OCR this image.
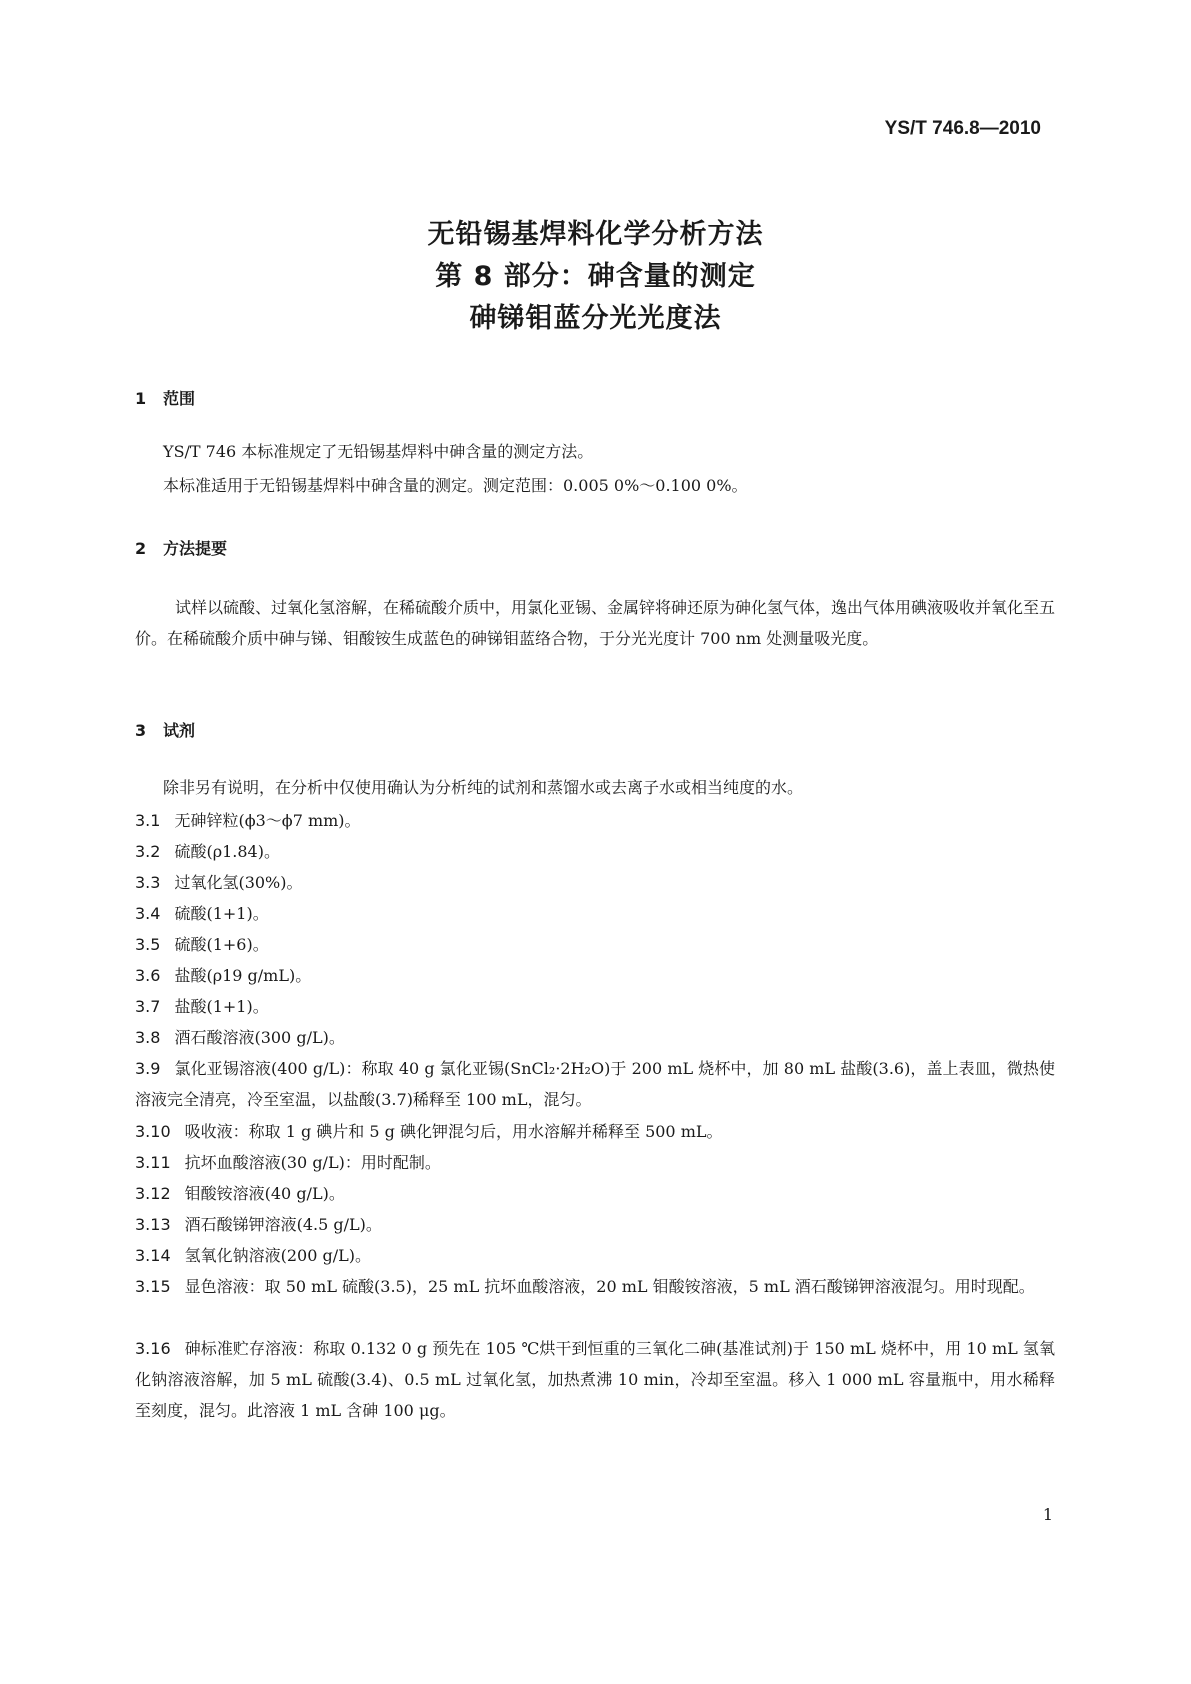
YS/T 746.8—2010
无铅锡基焊料化学分析方法
第 8 部分：砷含量的测定
砷锑钼蓝分光光度法
1 范围
YS/T 746 本标准规定了无铅锡基焊料中砷含量的测定方法。
本标准适用于无铅锡基焊料中砷含量的测定。测定范围：0.005 0%～0.100 0%。
2 方法提要
试样以硫酸、过氧化氢溶解，在稀硫酸介质中，用氯化亚锡、金属锌将砷还原为砷化氢气体，逸出气体用碘液吸收并氧化至五价。在稀硫酸介质中砷与锑、钼酸铵生成蓝色的砷锑钼蓝络合物，于分光光度计 700 nm 处测量吸光度。
3 试剂
除非另有说明，在分析中仅使用确认为分析纯的试剂和蒸馏水或去离子水或相当纯度的水。
3.1 无砷锌粒(ϕ3～ϕ7 mm)。
3.2 硫酸(ρ1.84)。
3.3 过氧化氢(30%)。
3.4 硫酸(1+1)。
3.5 硫酸(1+6)。
3.6 盐酸(ρ19 g/mL)。
3.7 盐酸(1+1)。
3.8 酒石酸溶液(300 g/L)。
3.9 氯化亚锡溶液(400 g/L)：称取 40 g 氯化亚锡(SnCl₂·2H₂O)于 200 mL 烧杯中，加 80 mL 盐酸(3.6)，盖上表皿，微热使溶液完全清亮，冷至室温，以盐酸(3.7)稀释至 100 mL，混匀。
3.10 吸收液：称取 1 g 碘片和 5 g 碘化钾混匀后，用水溶解并稀释至 500 mL。
3.11 抗坏血酸溶液(30 g/L)：用时配制。
3.12 钼酸铵溶液(40 g/L)。
3.13 酒石酸锑钾溶液(4.5 g/L)。
3.14 氢氧化钠溶液(200 g/L)。
3.15 显色溶液：取 50 mL 硫酸(3.5)，25 mL 抗坏血酸溶液，20 mL 钼酸铵溶液，5 mL 酒石酸锑钾溶液混匀。用时现配。
3.16 砷标准贮存溶液：称取 0.132 0 g 预先在 105 ℃烘干到恒重的三氧化二砷(基准试剂)于 150 mL 烧杯中，用 10 mL 氢氧化钠溶液溶解，加 5 mL 硫酸(3.4)、0.5 mL 过氧化氢，加热煮沸 10 min，冷却至室温。移入 1 000 mL 容量瓶中，用水稀释至刻度，混匀。此溶液 1 mL 含砷 100 μg。
1
